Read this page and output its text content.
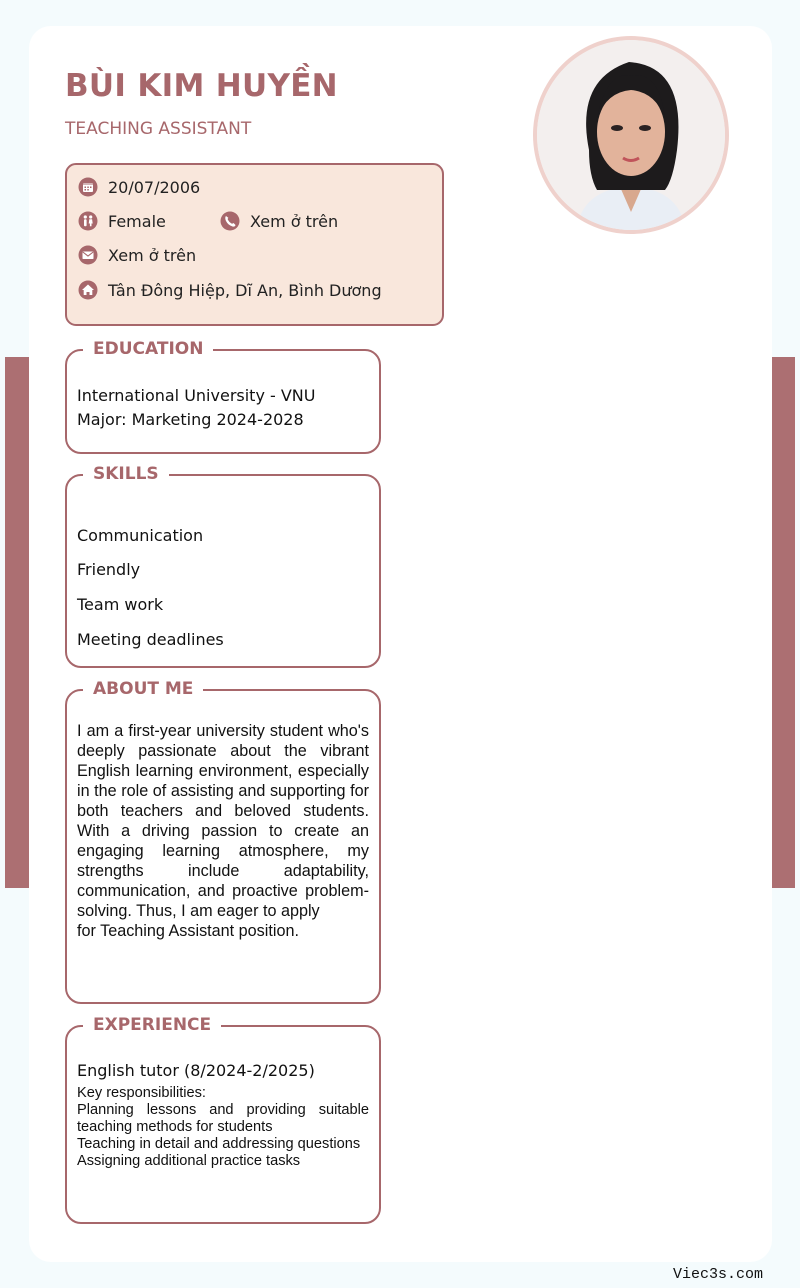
BÙI KIM HUYỀN
TEACHING ASSISTANT
20/07/2006
Female	Xem ở trên
Xem ở trên
Tân Đông Hiệp, Dĩ An, Bình Dương
EDUCATION
International University - VNU
Major: Marketing 2024-2028
SKILLS
Communication
Friendly
Team work
Meeting deadlines
ABOUT ME
I am a first-year university student who's deeply passionate about the vibrant English learning environment, especially in the role of assisting and supporting for both teachers and beloved students. With a driving passion to create an engaging learning atmosphere, my strengths include adaptability, communication, and proactive problem-solving. Thus, I am eager to apply
for Teaching Assistant position.
EXPERIENCE
English tutor (8/2024-2/2025)
Key responsibilities:
Planning lessons and providing suitable teaching methods for students
Teaching in detail and addressing questions
Assigning additional practice tasks
Viec3s.com
